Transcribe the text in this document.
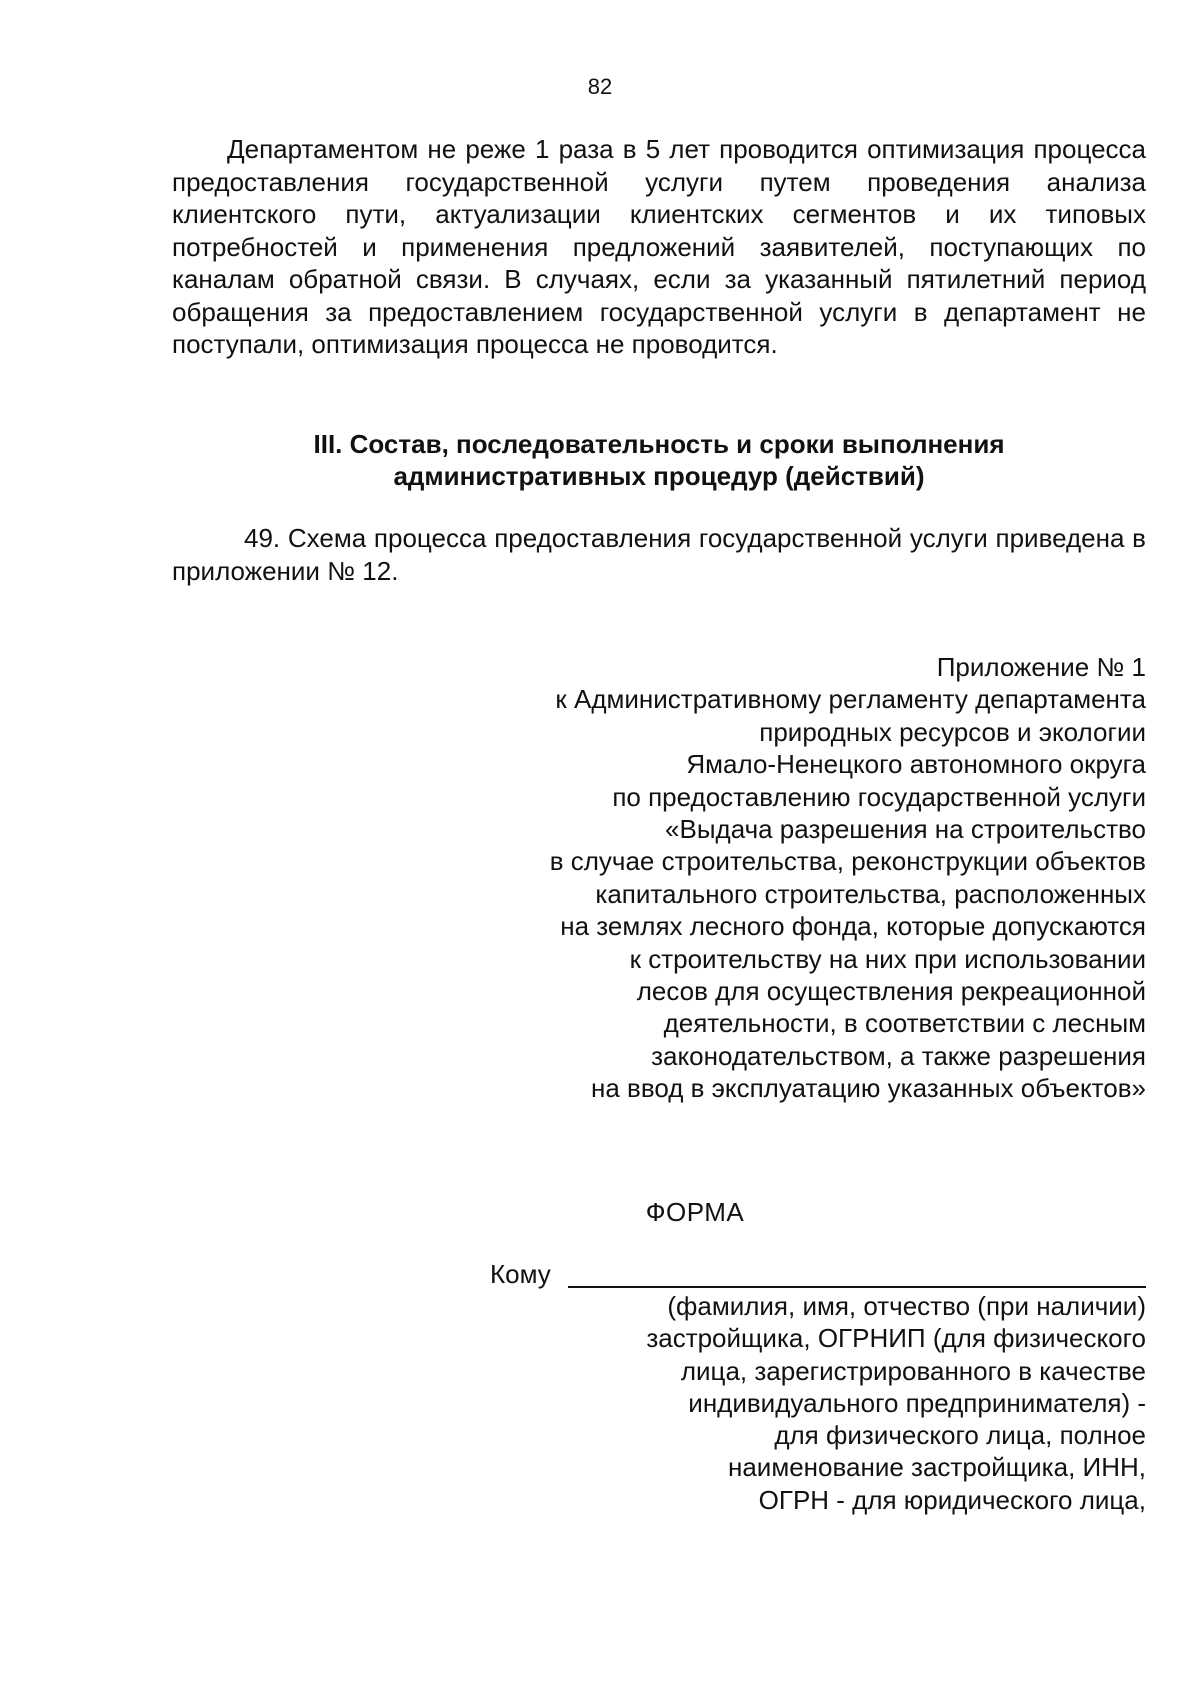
82

Департаментом не реже 1 раза в 5 лет проводится оптимизация процесса предоставления государственной услуги путем проведения анализа клиентского пути, актуализации клиентских сегментов и их типовых потребностей и применения предложений заявителей, поступающих по каналам обратной связи. В случаях, если за указанный пятилетний период обращения за предоставлением государственной услуги в департамент не поступали, оптимизация процесса не проводится.

III. Состав, последовательность и сроки выполнения
административных процедур (действий)

49. Схема процесса предоставления государственной услуги приведена в приложении № 12.

Приложение № 1
к Административному регламенту департамента
природных ресурсов и экологии
Ямало-Ненецкого автономного округа
по предоставлению государственной услуги
«Выдача разрешения на строительство
в случае строительства, реконструкции объектов
капитального строительства, расположенных
на землях лесного фонда, которые допускаются
к строительству на них при использовании
лесов для осуществления рекреационной
деятельности, в соответствии с лесным
законодательством, а также разрешения
на ввод в эксплуатацию указанных объектов»
ФОРМА
Кому
(фамилия, имя, отчество (при наличии)
застройщика, ОГРНИП (для физического
лица, зарегистрированного в качестве
индивидуального предпринимателя) -
для физического лица, полное
наименование застройщика, ИНН,
ОГРН - для юридического лица,
